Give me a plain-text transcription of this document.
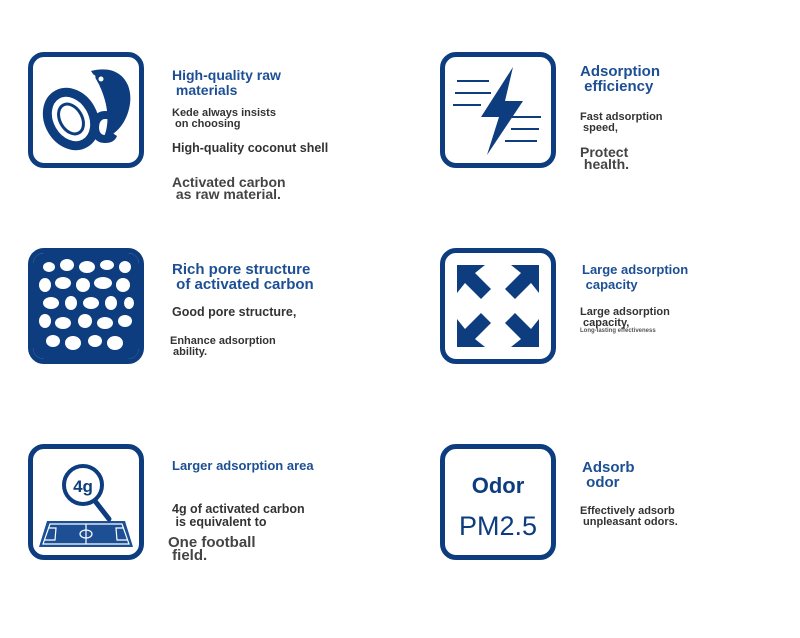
High-quality raw
materials
Kede always insists
on choosing
High-quality coconut shell
Activated carbon
as raw material.
Adsorption
efficiency
Fast adsorption
speed,
Protect
health.
Rich pore structure
of activated carbon
Good pore structure,
Enhance adsorption
ability.
Large adsorption
capacity
Large adsorption
capacity,
Long-lasting effectiveness
4g
Larger adsorption area
4g of activated carbon
is equivalent to
One football
field.
Odor
PM2.5
Adsorb
odor
Effectively adsorb
unpleasant odors.
